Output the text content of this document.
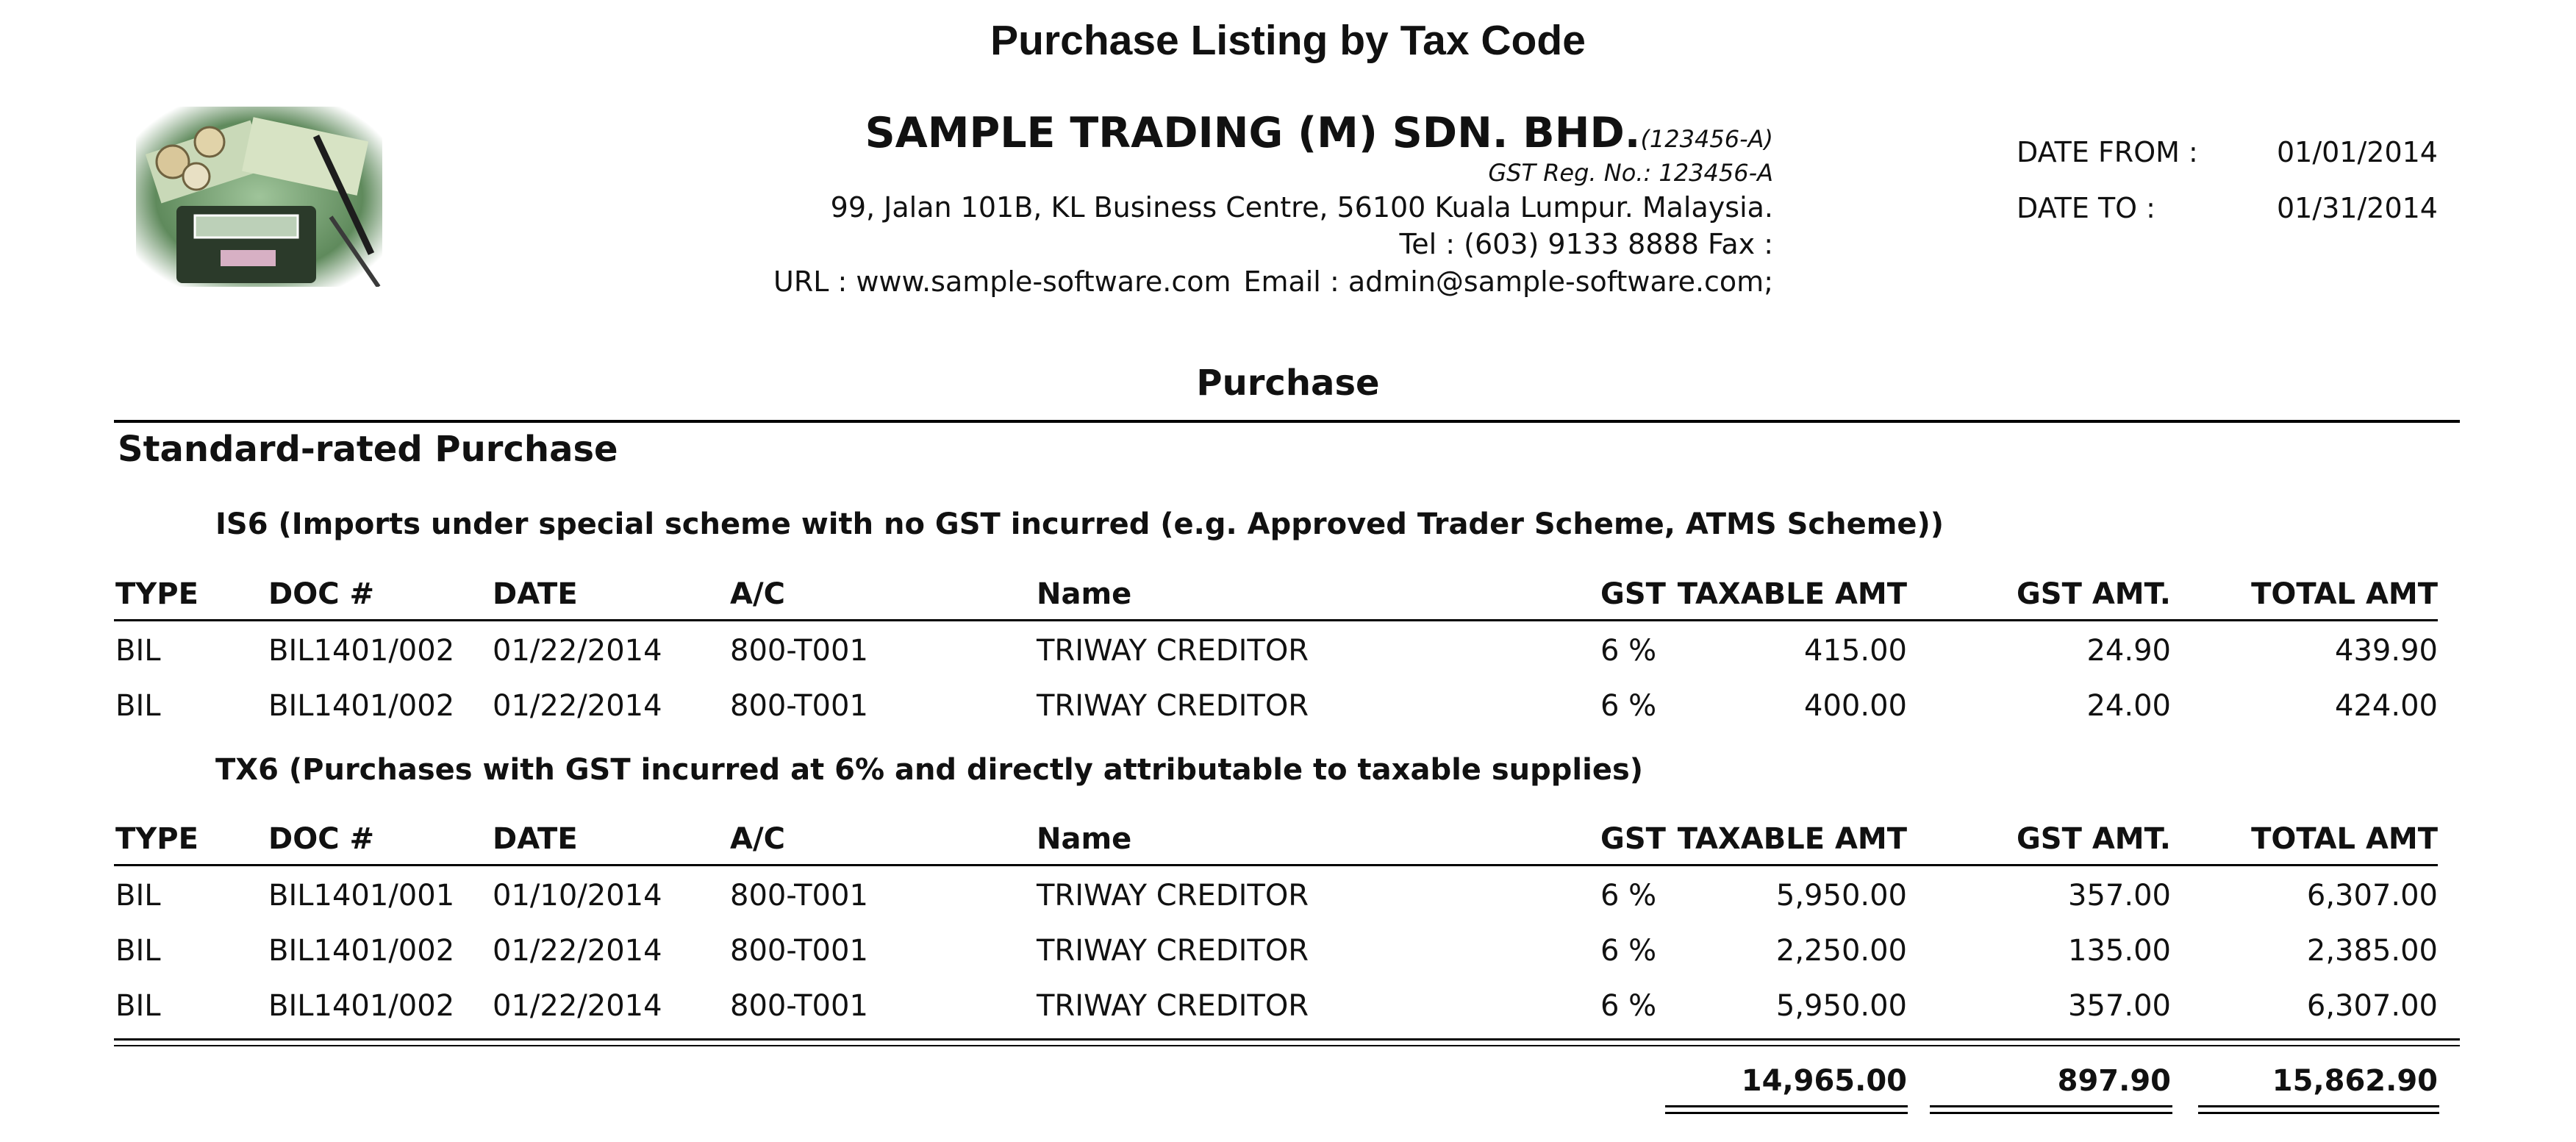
Purchase Listing by Tax Code
SAMPLE TRADING (M) SDN. BHD.(123456-A)
GST Reg. No.: 123456-A
99, Jalan 101B, KL Business Centre, 56100 Kuala Lumpur. Malaysia.
Tel : (603) 9133 8888 Fax :
URL : www.sample-software.com Email : admin@sample-software.com;
DATE FROM :	01/01/2014
DATE TO :	01/31/2014
Purchase
Standard-rated Purchase
IS6 (Imports under special scheme with no GST incurred (e.g. Approved Trader Scheme, ATMS Scheme))
TYPE DOC #	DATE	A/C	Name	GST TAXABLE AMT	GST AMT.	TOTAL AMT
BIL	BIL1401/002 01/22/2014 800-T001	TRIWAY CREDITOR	6 %	415.00	24.90	439.90
BIL	BIL1401/002 01/22/2014 800-T001	TRIWAY CREDITOR	6 %	400.00	24.00	424.00
TX6 (Purchases with GST incurred at 6% and directly attributable to taxable supplies)
TYPE DOC #	DATE	A/C	Name	GST TAXABLE AMT	GST AMT.	TOTAL AMT
BIL	BIL1401/001 01/10/2014 800-T001	TRIWAY CREDITOR	6 %	5,950.00	357.00	6,307.00
BIL	BIL1401/002 01/22/2014 800-T001	TRIWAY CREDITOR	6 %	2,250.00	135.00	2,385.00
BIL	BIL1401/002 01/22/2014 800-T001	TRIWAY CREDITOR	6 %	5,950.00	357.00	6,307.00
14,965.00	897.90	15,862.90
